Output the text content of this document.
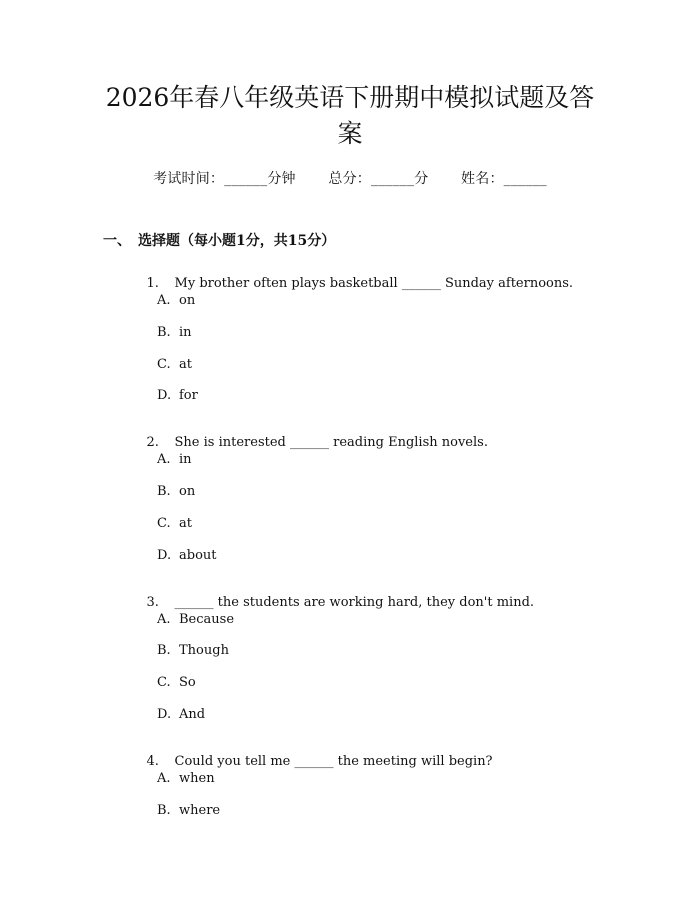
2026年春八年级英语下册期中模拟试题及答
案
考试时间：______分钟 总分：______分 姓名：______
一、 选择题（每小题1分，共15分）

1. My brother often plays basketball ______ Sunday afternoons.

A. on
B. in
C. at
D. for

2. She is interested ______ reading English novels.

A. in
B. on
C. at
D. about

3. ______ the students are working hard, they don't mind.

A. Because
B. Though
C. So
D. And

4. Could you tell me ______ the meeting will begin?

A. when
B. where
